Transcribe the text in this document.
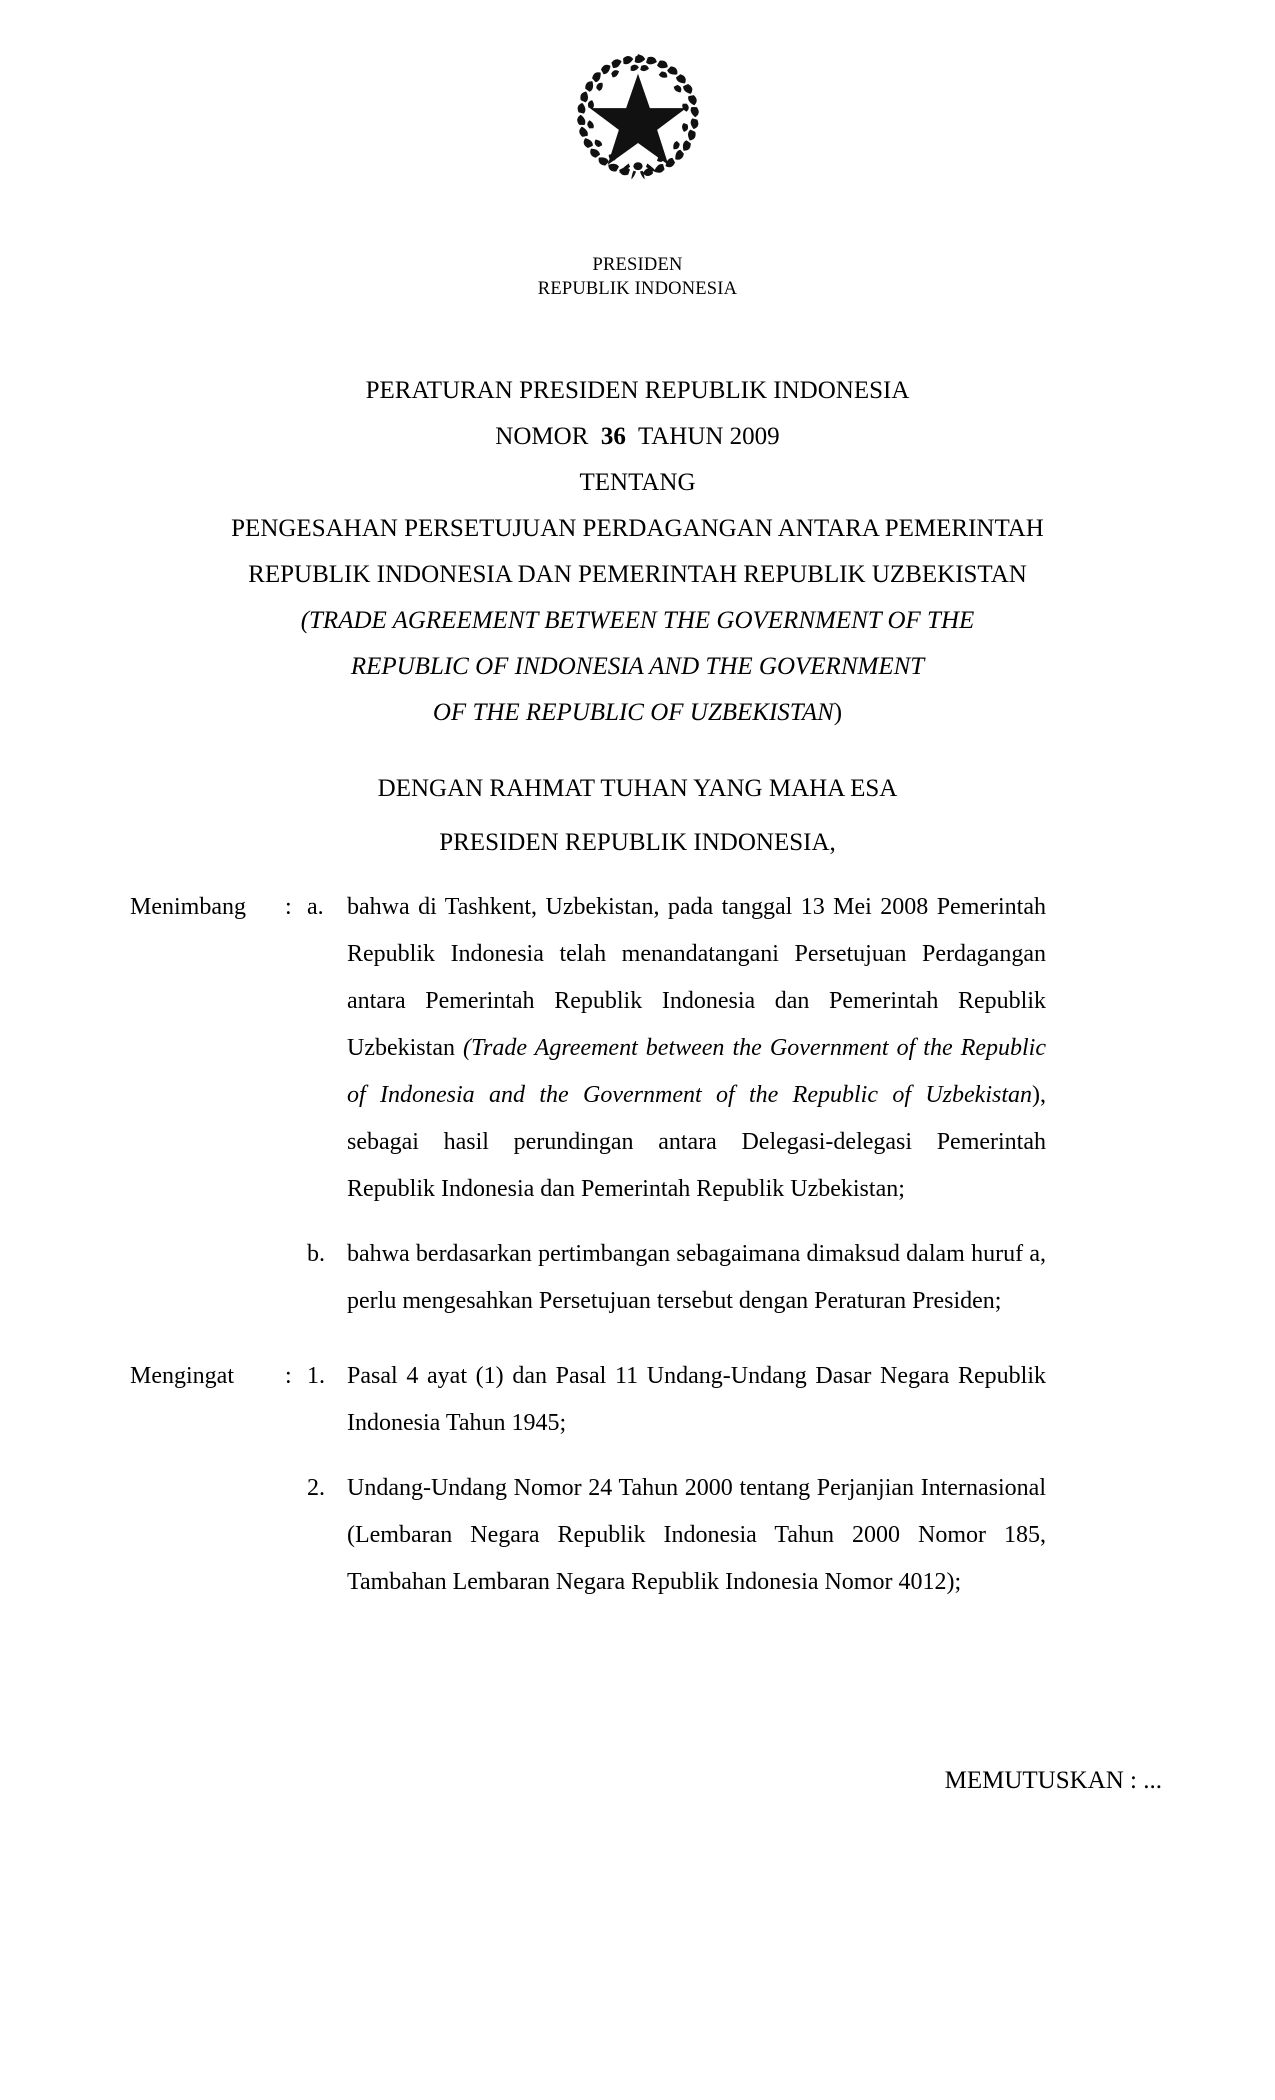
PRESIDEN
REPUBLIK INDONESIA
PERATURAN PRESIDEN REPUBLIK INDONESIA
NOMOR 36 TAHUN 2009
TENTANG
PENGESAHAN PERSETUJUAN PERDAGANGAN ANTARA PEMERINTAH
REPUBLIK INDONESIA DAN PEMERINTAH REPUBLIK UZBEKISTAN
(TRADE AGREEMENT BETWEEN THE GOVERNMENT OF THE
REPUBLIC OF INDONESIA AND THE GOVERNMENT
OF THE REPUBLIC OF UZBEKISTAN)
DENGAN RAHMAT TUHAN YANG MAHA ESA
PRESIDEN REPUBLIK INDONESIA,
Menimbang	: a. bahwa di Tashkent, Uzbekistan, pada tanggal 13 Mei 2008 Pemerintah Republik Indonesia telah menandatangani Persetujuan Perdagangan antara Pemerintah Republik Indonesia dan Pemerintah Republik Uzbekistan (Trade Agreement between the Government of the Republic of Indonesia and the Government of the Republic of Uzbekistan), sebagai hasil perundingan antara Delegasi-delegasi Pemerintah Republik Indonesia dan Pemerintah Republik Uzbekistan;
b. bahwa berdasarkan pertimbangan sebagaimana dimaksud dalam huruf a, perlu mengesahkan Persetujuan tersebut dengan Peraturan Presiden;
Mengingat	: 1. Pasal 4 ayat (1) dan Pasal 11 Undang-Undang Dasar Negara Republik Indonesia Tahun 1945;
2. Undang-Undang Nomor 24 Tahun 2000 tentang Perjanjian Internasional (Lembaran Negara Republik Indonesia Tahun 2000 Nomor 185, Tambahan Lembaran Negara Republik Indonesia Nomor 4012);
MEMUTUSKAN : ...
